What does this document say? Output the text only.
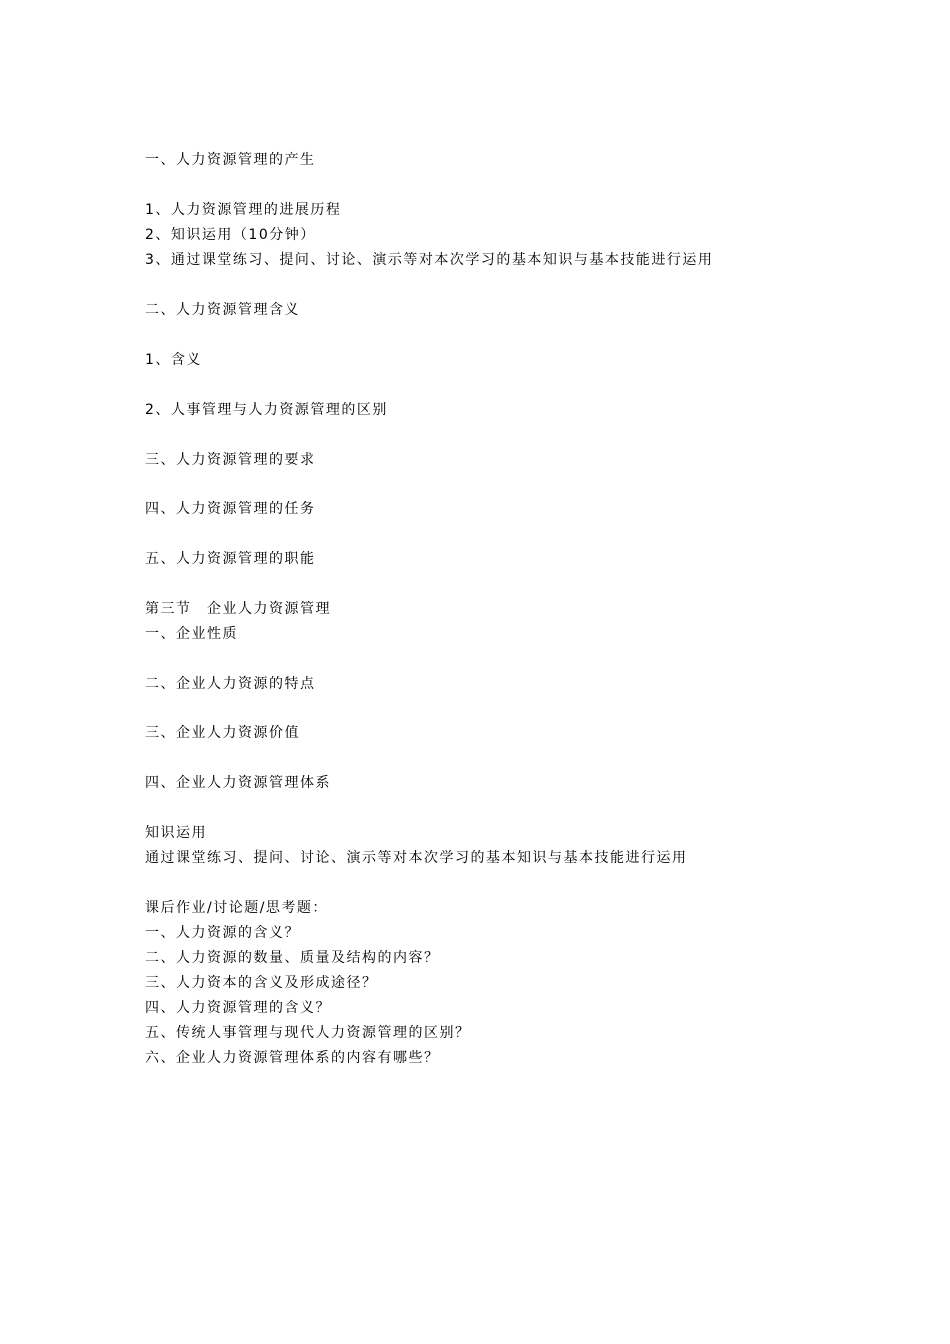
一、人力资源管理的产生
1、人力资源管理的进展历程
2、知识运用（10分钟）
3、通过课堂练习、提问、讨论、演示等对本次学习的基本知识与基本技能进行运用
二、人力资源管理含义
1、含义
2、人事管理与人力资源管理的区别
三、人力资源管理的要求
四、人力资源管理的任务
五、人力资源管理的职能
第三节　企业人力资源管理
一、企业性质
二、企业人力资源的特点
三、企业人力资源价值
四、企业人力资源管理体系
知识运用
通过课堂练习、提问、讨论、演示等对本次学习的基本知识与基本技能进行运用
课后作业/讨论题/思考题：
一、人力资源的含义？
二、人力资源的数量、质量及结构的内容？
三、人力资本的含义及形成途径？
四、人力资源管理的含义？
五、传统人事管理与现代人力资源管理的区别？
六、企业人力资源管理体系的内容有哪些？
